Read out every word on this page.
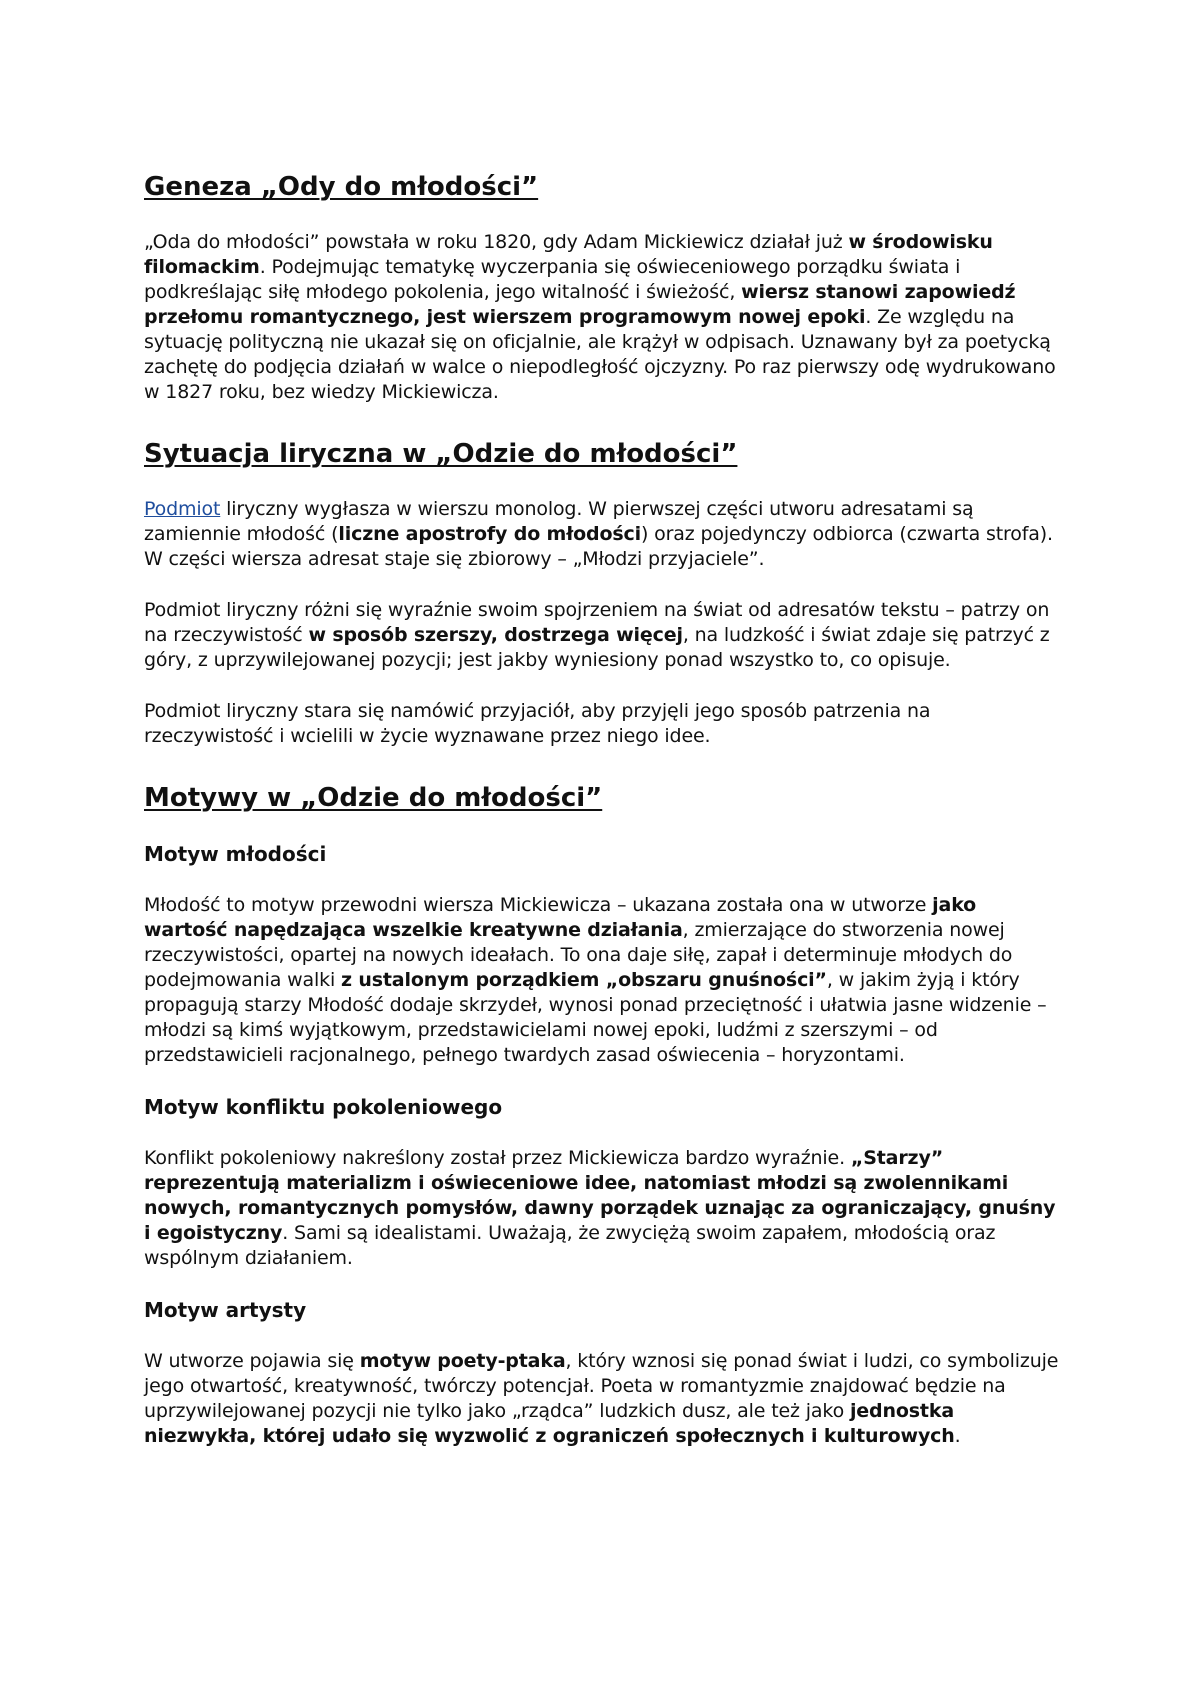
Geneza „Ody do młodości”

„Oda do młodości” powstała w roku 1820, gdy Adam Mickiewicz działał już w środowisku filomackim. Podejmując tematykę wyczerpania się oświeceniowego porządku świata i podkreślając siłę młodego pokolenia, jego witalność i świeżość, wiersz stanowi zapowiedź przełomu romantycznego, jest wierszem programowym nowej epoki. Ze względu na sytuację polityczną nie ukazał się on oficjalnie, ale krążył w odpisach. Uznawany był za poetycką zachętę do podjęcia działań w walce o niepodległość ojczyzny. Po raz pierwszy odę wydrukowano w 1827 roku, bez wiedzy Mickiewicza.

Sytuacja liryczna w „Odzie do młodości”

Podmiot liryczny wygłasza w wierszu monolog. W pierwszej części utworu adresatami są zamiennie młodość (liczne apostrofy do młodości) oraz pojedynczy odbiorca (czwarta strofa). W części wiersza adresat staje się zbiorowy – „Młodzi przyjaciele”.

Podmiot liryczny różni się wyraźnie swoim spojrzeniem na świat od adresatów tekstu – patrzy on na rzeczywistość w sposób szerszy, dostrzega więcej, na ludzkość i świat zdaje się patrzyć z góry, z uprzywilejowanej pozycji; jest jakby wyniesiony ponad wszystko to, co opisuje.

Podmiot liryczny stara się namówić przyjaciół, aby przyjęli jego sposób patrzenia na rzeczywistość i wcielili w życie wyznawane przez niego idee.

Motywy w „Odzie do młodości”
Motyw młodości

Młodość to motyw przewodni wiersza Mickiewicza – ukazana została ona w utworze jako wartość napędzająca wszelkie kreatywne działania, zmierzające do stworzenia nowej rzeczywistości, opartej na nowych ideałach. To ona daje siłę, zapał i determinuje młodych do podejmowania walki z ustalonym porządkiem „obszaru gnuśności”, w jakim żyją i który propagują starzy Młodość dodaje skrzydeł, wynosi ponad przeciętność i ułatwia jasne widzenie – młodzi są kimś wyjątkowym, przedstawicielami nowej epoki, ludźmi z szerszymi – od przedstawicieli racjonalnego, pełnego twardych zasad oświecenia – horyzontami.

Motyw konfliktu pokoleniowego

Konflikt pokoleniowy nakreślony został przez Mickiewicza bardzo wyraźnie. „Starzy” reprezentują materializm i oświeceniowe idee, natomiast młodzi są zwolennikami nowych, romantycznych pomysłów, dawny porządek uznając za ograniczający, gnuśny i egoistyczny. Sami są idealistami. Uważają, że zwyciężą swoim zapałem, młodością oraz wspólnym działaniem.

Motyw artysty

W utworze pojawia się motyw poety-ptaka, który wznosi się ponad świat i ludzi, co symbolizuje jego otwartość, kreatywność, twórczy potencjał. Poeta w romantyzmie znajdować będzie na uprzywilejowanej pozycji nie tylko jako „rządca” ludzkich dusz, ale też jako jednostka niezwykła, której udało się wyzwolić z ograniczeń społecznych i kulturowych.
